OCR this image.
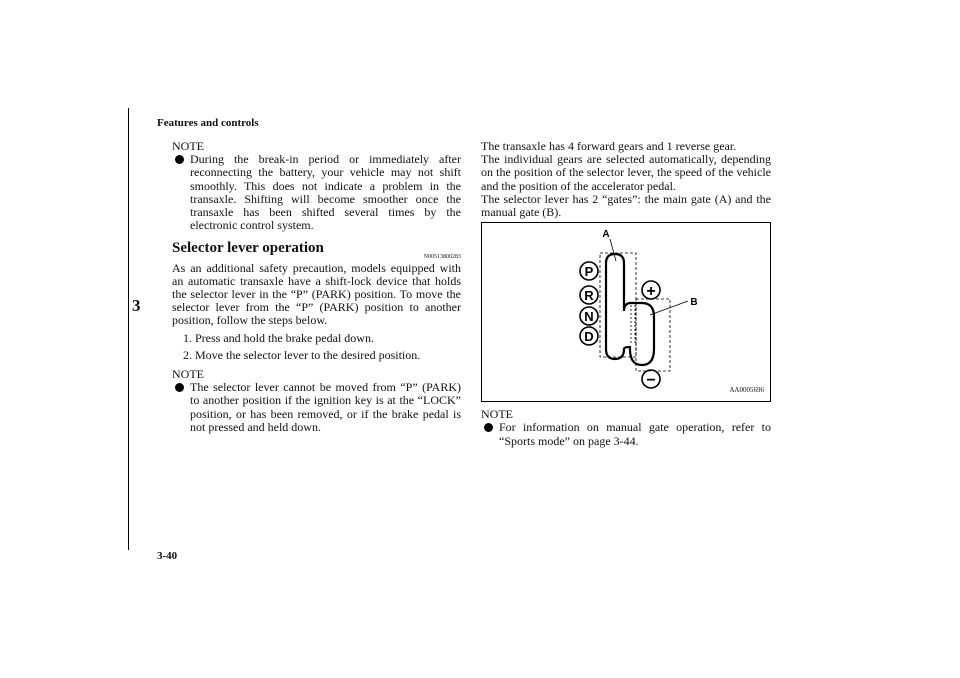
Features and controls
3
NOTE

During the break-in period or immediately after reconnecting the battery, your vehicle may not shift smoothly. This does not indicate a problem in the transaxle. Shifting will become smoother once the transaxle has been shifted several times by the electronic control system.

Selector lever operation
N00513800283

As an additional safety precaution, models equipped with an automatic transaxle have a shift-lock device that holds the selector lever in the “P” (PARK) position. To move the selector lever from the “P” (PARK) position to another position, follow the steps below.

1. Press and hold the brake pedal down.

2. Move the selector lever to the desired position.

NOTE

The selector lever cannot be moved from “P” (PARK) to another position if the ignition key is at the “LOCK” position, or has been removed, or if the brake pedal is not pressed and held down.

The transaxle has 4 forward gears and 1 reverse gear.

The individual gears are selected automatically, depending on the position of the selector lever, the speed of the vehicle and the position of the accelerator pedal.

The selector lever has 2 “gates”: the main gate (A) and the manual gate (B).

P
R
N
D
+
−
A
B
AA0005696
NOTE

For information on manual gate operation, refer to “Sports mode” on page 3-44.

3-40
